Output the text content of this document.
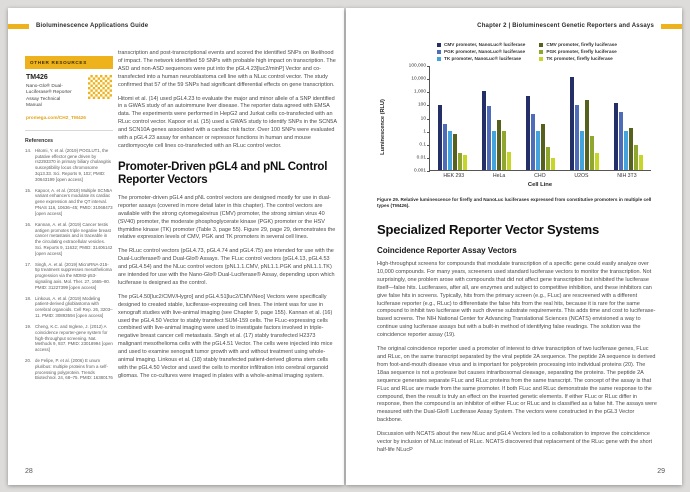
Bioluminescence Applications Guide
OTHER RESOURCES
TM426
Nano-Glo® Dual-Luciferase® Reporter Assay Technical Manual
promega.com/CH2_TM426
References
14. Hitomi, Y. et al. (2019) POGLUT1, the putative effector gene driven by rs2293370 in primary biliary cholangitis susceptibility locus chromosome 3q13.33. Sci. Reports 9, 102; PMID: 30643199 [open access]
15. Kapoor, A. et al. (2019) Multiple SCN5A variant enhancers modulate its cardiac gene expression and the QT interval. PNAS 116, 10636–45; PMID: 31068473 [open access]
16. Kannan, A. et al. (2019) Cancer testis antigen promotes triple negative breast cancer metastasis and is traceable in the circulating extracellular vesicles. Sci. Reports 9, 11632; PMID: 31406142 [open access]
17. Singh, A. et al. (2019) MicroRNA-215-5p treatment suppresses mesothelioma progression via the MDM2-p53-signaling axis. Mol. Ther. 27, 1665–80. PMID: 31227399 [open access]
18. Linkous, A. et al. (2019) Modeling patient-derived glioblastoma with cerebral organoids. Cell Rep. 26, 3203–11. PMID: 30893594 [open access]
19. Cheng, K.C. and Inglese, J. (2012) A coincidence reporter-gene system for high-throughput screening. Nat. Methods 9, 937. PMID: 23018994 [open access]
20. de Felipe, P. et al. (2006) E unum pluribus: multiple proteins from a self-processing polyprotein. Trends Biotechnol. 24, 68–75. PMID: 16380176
transcription and post-transcriptional events and scored the identified SNPs on likelihood of impact. The network identified 59 SNPs with probable high impact on transcription. The ASD and non-ASD sequences were put into the pGL4.23[luc2/minP] Vector and co-transfected into a human neuroblastoma cell line with a NLuc control vector. The study confirmed that 57 of the 59 SNPs had significant differential effects on gene transcription.
Hitomi et al. (14) used pGL4.23 to evaluate the major and minor allele of a SNP identified in a GWAS study of an autoimmune liver disease. The reporter data agreed with EMSA data. The experiments were performed in HepG2 and Jurkat cells co-transfected with an RLuc control vector. Kapoor et al. (15) used a GWAS study to identify SNPs in the SCN5A and SCN10A genes associated with a cardiac risk factor. Over 100 SNPs were evaluated with a pGL4.23 assay for enhancer or repressor functions in human and mouse cardiomyocyte cell lines co-transfected with an RLuc control vector.
Promoter-Driven pGL4 and pNL Control Reporter Vectors
The promoter-driven pGL4 and pNL control vectors are designed mostly for use in dual-reporter assays (covered in more detail later in this chapter). The control vectors are available with the strong cytomegalovirus (CMV) promoter, the strong simian virus 40 (SV40) promoter, the moderate phosphoglycerate kinase (PGK) promoter or the HSV thymidine kinase (TK) promoter (Table 3, page 55). Figure 29, page 29, demonstrates the relative expression levels of CMV, PGK and TK promoters in several cell lines.
The RLuc control vectors (pGL4.73, pGL4.74 and pGL4.75) are intended for use with the Dual-Luciferase® and Dual-Glo® Assays. The FLuc control vectors (pGL4.13, pGL4.53 and pGL4.54) and the NLuc control vectors (pNL1.1.CMV, pNL1.1.PGK and pNL1.1.TK) are intended for use with the Nano-Glo® Dual-Luciferase® Assay, depending upon which luciferase is designed as the control.
The pGL4.50[luc2/CMV/Hygro] and pGL4.51[luc2/CMV/Neo] Vectors were specifically designed to created stable, luciferase-expressing cell lines. The intent was for use in xenograft studies with live-animal imaging (see Chapter 9, page 155). Kannan et al. (16) used the pGL4.50 Vector to stably transfect SUM-159 cells. The FLuc-expressing cells combined with live-animal imaging were used to investigate factors involved in triple-negative breast cancer cell metastasis. Singh et al. (17) stably transfected H2373 malignant mesothelioma cells with the pGL4.51 Vector. The cells were injected into mice and used to examine xenograft tumor growth with and without treatment using whole-animal imaging. Linkous et al. (18) stably transfected patient-derived glioma stem cells with the pGL4.50 Vector and used the cells to monitor infiltration into cerebral organoid gliomas. The co-cultures were imaged in plates with a whole-animal imaging system.
28
Chapter 2 | Bioluminescent Genetic Reporters and Assays
CMV promoter, NanoLuc® luciferase
PGK promoter, NanoLuc® luciferase
TK promoter, NanoLuc® luciferase
CMV promoter, firefly luciferase
PGK promoter, firefly luciferase
TK promoter, firefly luciferase
Luminescence (RLU)
100,000
10,000
1,000
100
10
1
0.1
0.01
0.001
HEK 293	HeLa	CHO	U2OS	NIH 3T3
Cell Line
Figure 29. Relative luminescence for firefly and NanoLuc luciferases expressed from constitutive promoters in multiple cell types (TM426).
Specialized Reporter Vector Systems
Coincidence Reporter Assay Vectors
High-throughput screens for compounds that modulate transcription of a specific gene could easily analyze over 10,000 compounds. For many years, screeners used standard luciferase vectors to monitor the transcription. Not surprisingly, one problem arose with compounds that did not affect gene transcription but inhibited the luciferase itself—false hits. Luciferases, after all, are enzymes and subject to competitive inhibition, and these inhibitors can give false hits in screens. Typically, hits from the primary screen (e.g., FLuc) are rescreened with a different luciferase reporter (e.g., RLuc) to differentiate the false hits from the real hits, because it is rare for the same compound to inhibit two luciferase with such diverse substrate requirements. This adds time and cost to luciferase-based screens. The NIH National Center for Advancing Translational Sciences (NCATS) envisioned a way to continue using luciferase assays but with a built-in method of identifying false readings. The solution was the coincidence reporter assay (19).
The original coincidence reporter used a promoter of interest to drive transcription of two luciferase genes, FLuc and RLuc, on the same transcript separated by the viral peptide 2A sequence. The peptide 2A sequence is derived from foot-and-mouth disease virus and is important for polyprotein processing into individual proteins (20). The 18aa sequence is not a protease but causes intraribosomal cleavage, separating the proteins. The peptide 2A sequence generates separate FLuc and RLuc proteins from the same transcript. The concept of the assay is that FLuc and RLuc are made from the same promoter. If both FLuc and RLuc demonstrate the same response to the compound, then the result is truly an effect on the inserted genetic elements. If either FLuc or RLuc differ in response, then the compound is an inhibitor of either FLuc or RLuc and is classified as a false hit. The assays were measured with the Dual-Glo® Luciferase Assay System. The vectors were constructed in the pGL3 Vector backbone.
Discussion with NCATS about the new NLuc and pGL4 Vectors led to a collaboration to improve the coincidence vector by inclusion of NLuc instead of RLuc. NCATS discovered that replacement of the RLuc gene with the short half-life NLucP
29
